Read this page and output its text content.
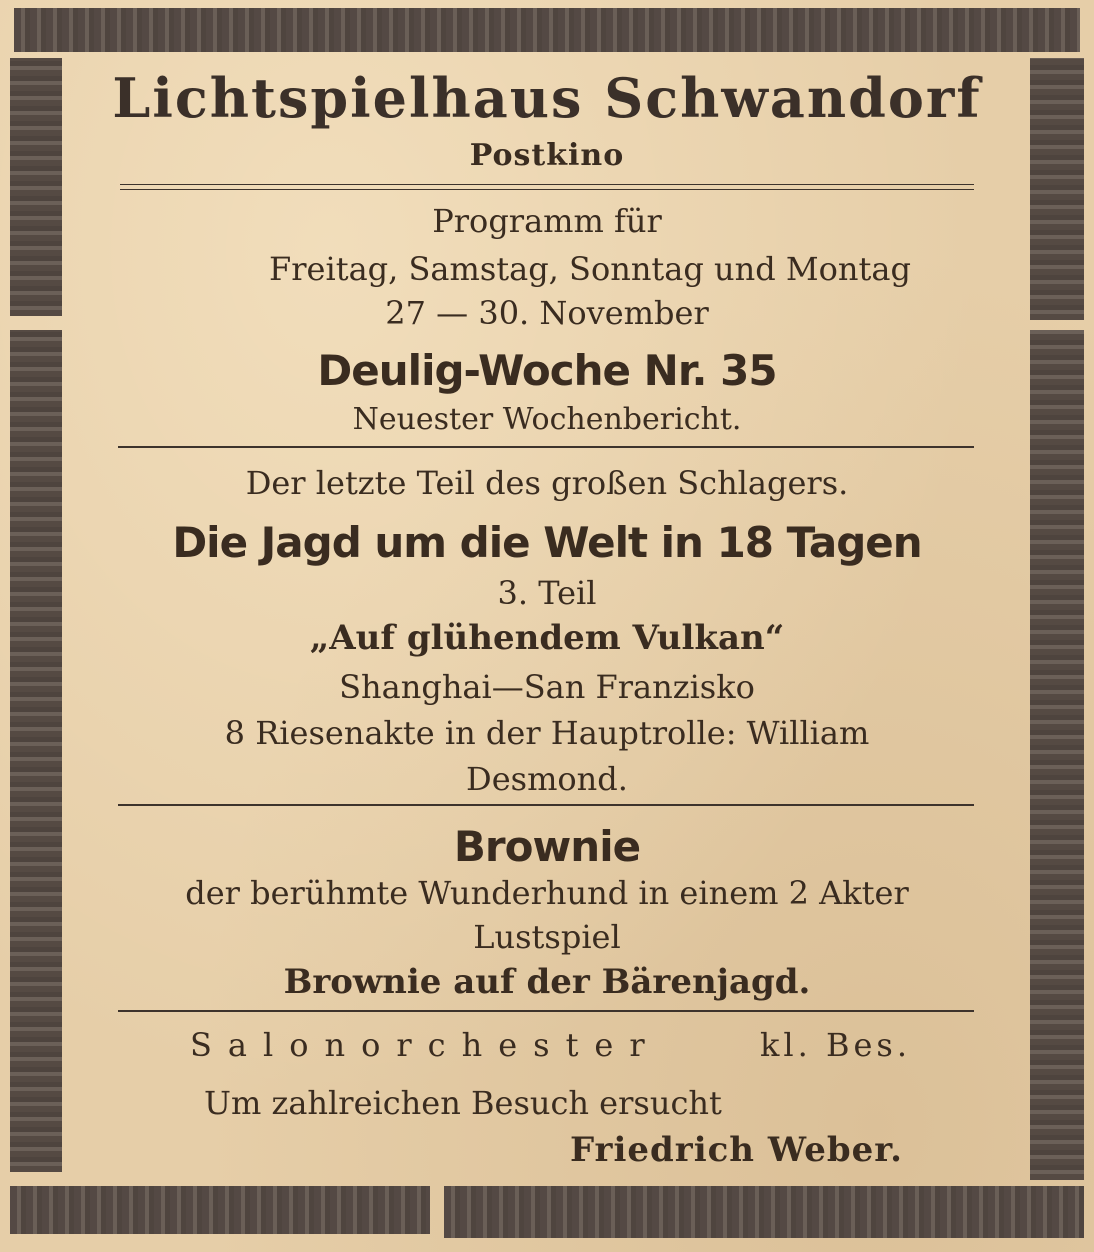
Lichtspielhaus Schwandorf
Postkino
Programm für
Freitag, Samstag, Sonntag und Montag
27 — 30. November
Deulig-Woche Nr. 35
Neuester Wochenbericht.
Der letzte Teil des großen Schlagers.
Die Jagd um die Welt in 18 Tagen
3. Teil
„Auf glühendem Vulkan“
Shanghai—San Franzisko
8 Riesenakte in der Hauptrolle: William
Desmond.
Brownie
der berühmte Wunderhund in einem 2 Akter
Lustspiel
Brownie auf der Bärenjagd.
Salonorchester	kl. Bes.
Um zahlreichen Besuch ersucht
Friedrich Weber.
